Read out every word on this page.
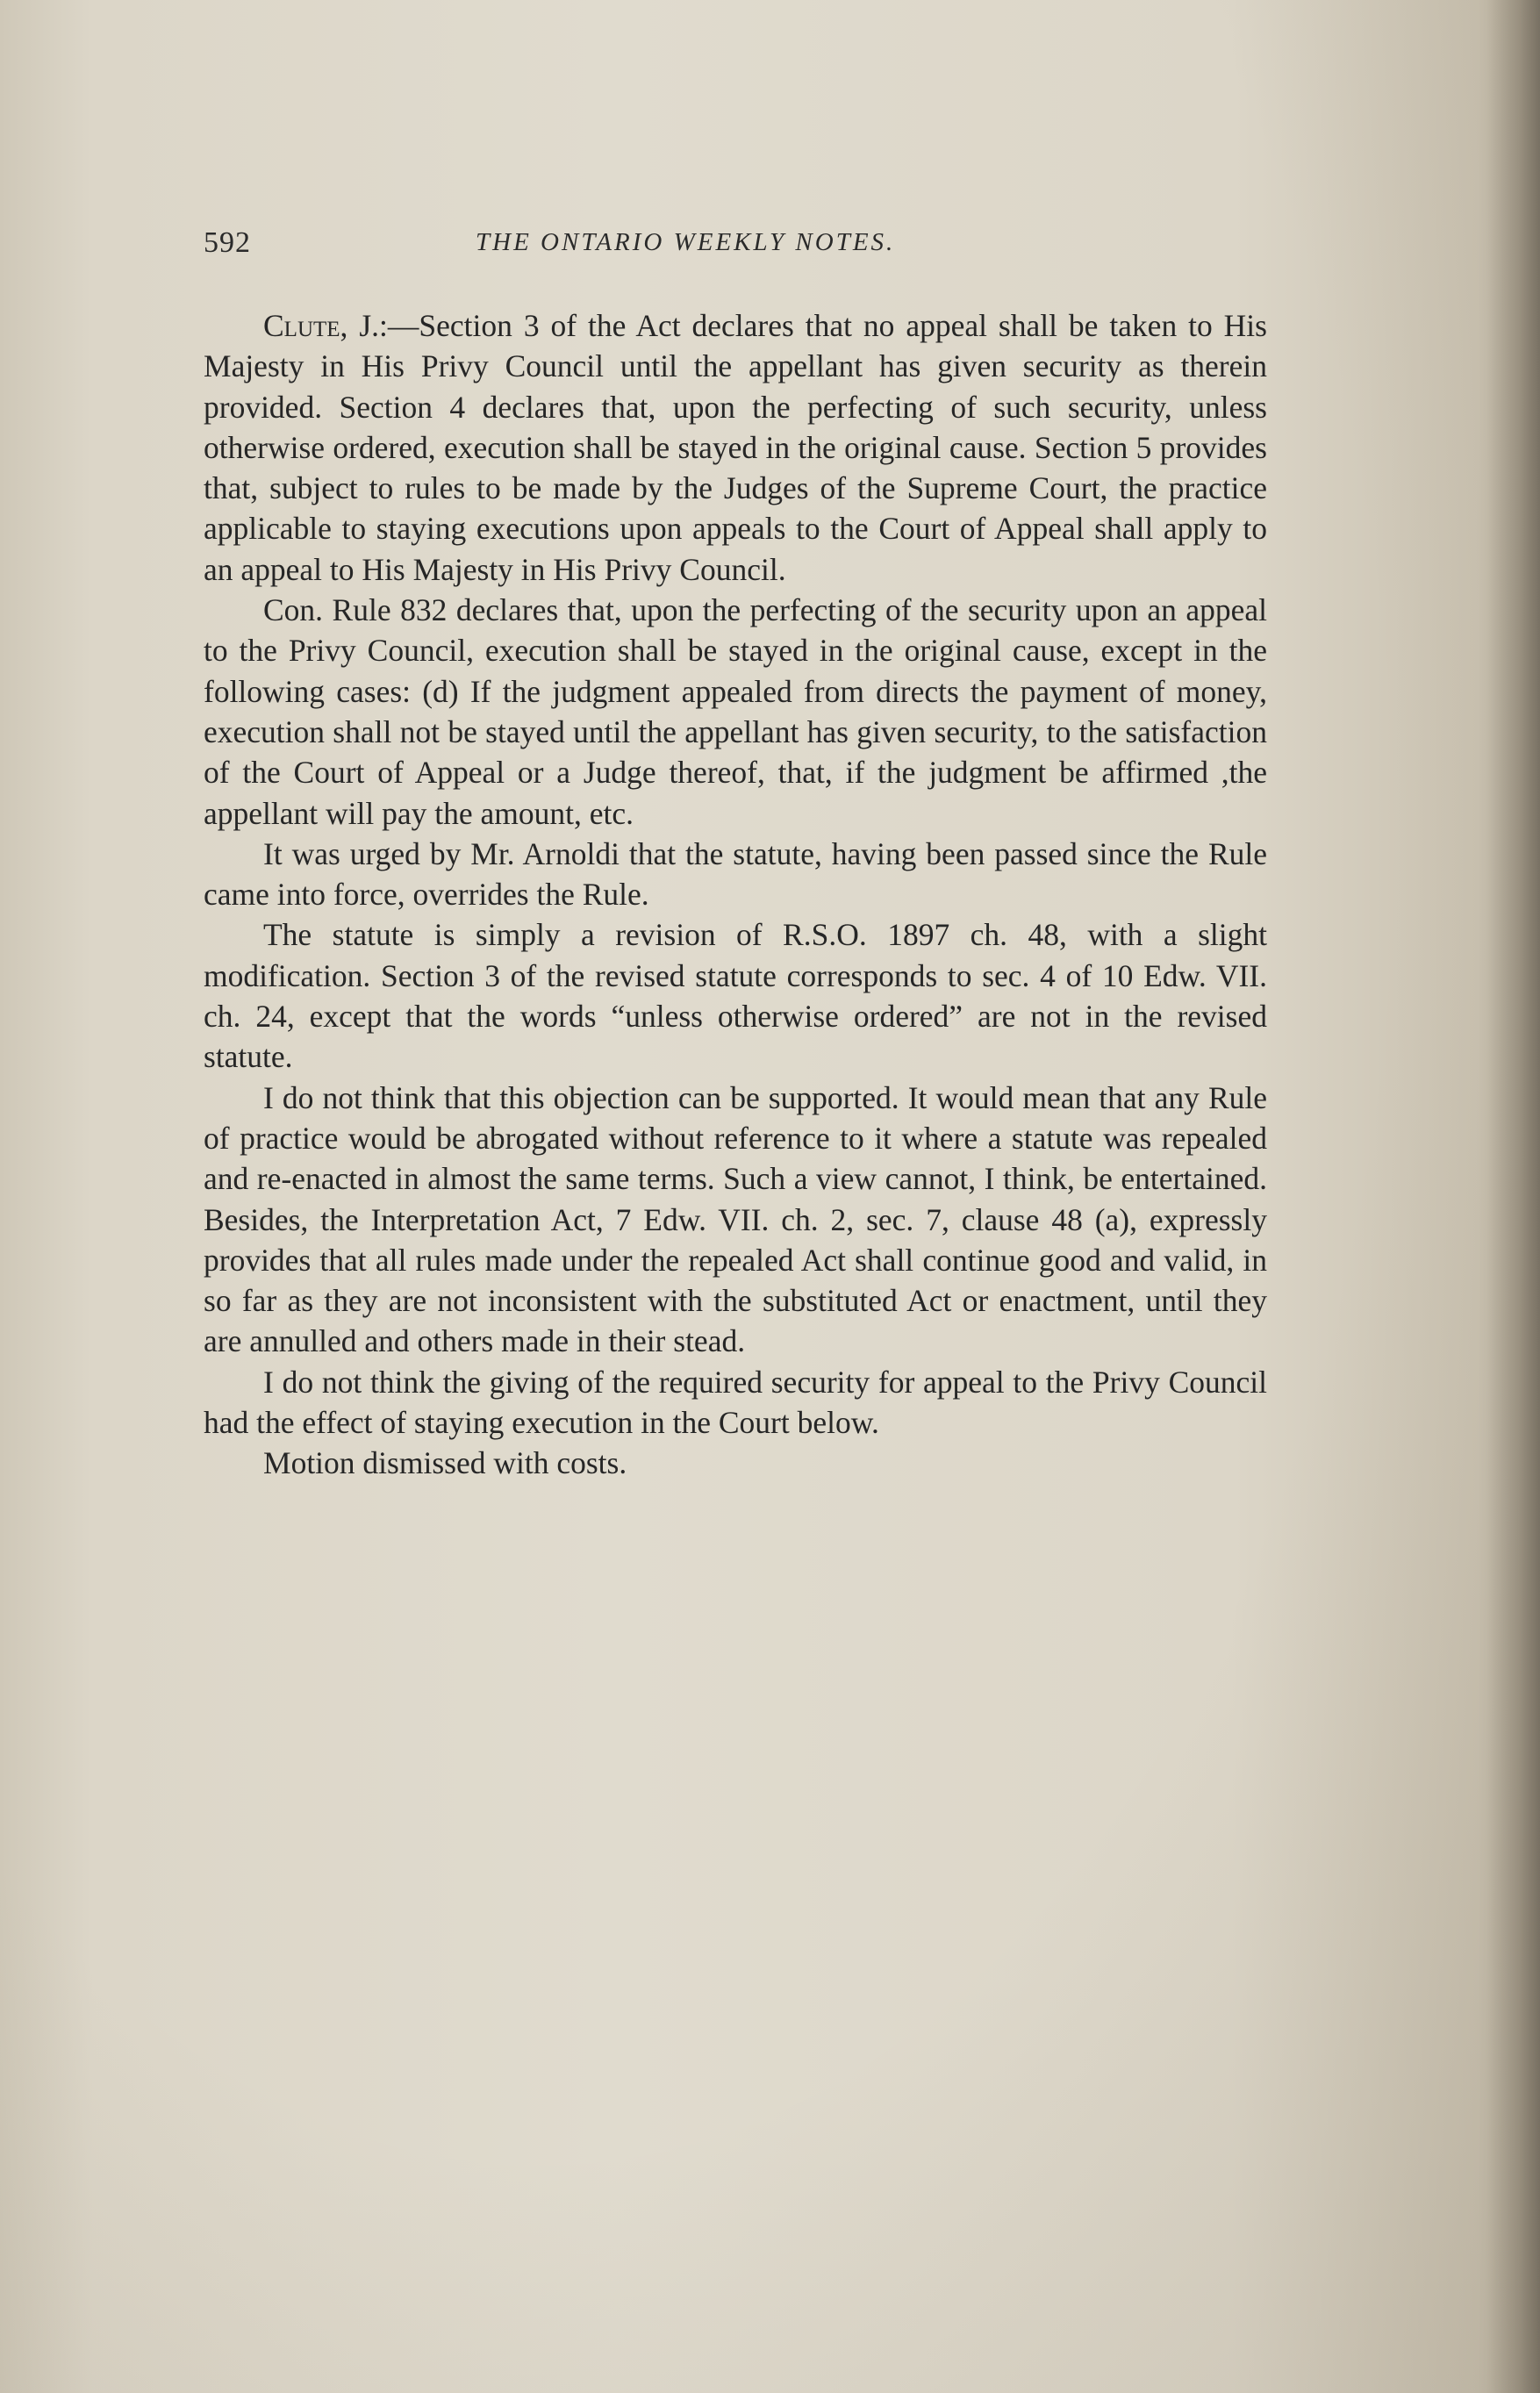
592	THE ONTARIO WEEKLY NOTES.

Clute, J.:—Section 3 of the Act declares that no appeal shall be taken to His Majesty in His Privy Council until the appellant has given security as therein provided. Section 4 declares that, upon the perfecting of such security, unless otherwise ordered, execution shall be stayed in the original cause. Section 5 provides that, subject to rules to be made by the Judges of the Supreme Court, the practice applicable to staying executions upon appeals to the Court of Appeal shall apply to an appeal to His Majesty in His Privy Council.

Con. Rule 832 declares that, upon the perfecting of the security upon an appeal to the Privy Council, execution shall be stayed in the original cause, except in the following cases: (d) If the judgment appealed from directs the payment of money, execution shall not be stayed until the appellant has given security, to the satisfaction of the Court of Appeal or a Judge thereof, that, if the judgment be affirmed ,the appellant will pay the amount, etc.

It was urged by Mr. Arnoldi that the statute, having been passed since the Rule came into force, overrides the Rule.

The statute is simply a revision of R.S.O. 1897 ch. 48, with a slight modification. Section 3 of the revised statute corresponds to sec. 4 of 10 Edw. VII. ch. 24, except that the words “unless otherwise ordered” are not in the revised statute.

I do not think that this objection can be supported. It would mean that any Rule of practice would be abrogated without reference to it where a statute was repealed and re-enacted in almost the same terms. Such a view cannot, I think, be entertained. Besides, the Interpretation Act, 7 Edw. VII. ch. 2, sec. 7, clause 48 (a), expressly provides that all rules made under the repealed Act shall continue good and valid, in so far as they are not inconsistent with the substituted Act or enactment, until they are annulled and others made in their stead.

I do not think the giving of the required security for appeal to the Privy Council had the effect of staying execution in the Court below.

Motion dismissed with costs.
